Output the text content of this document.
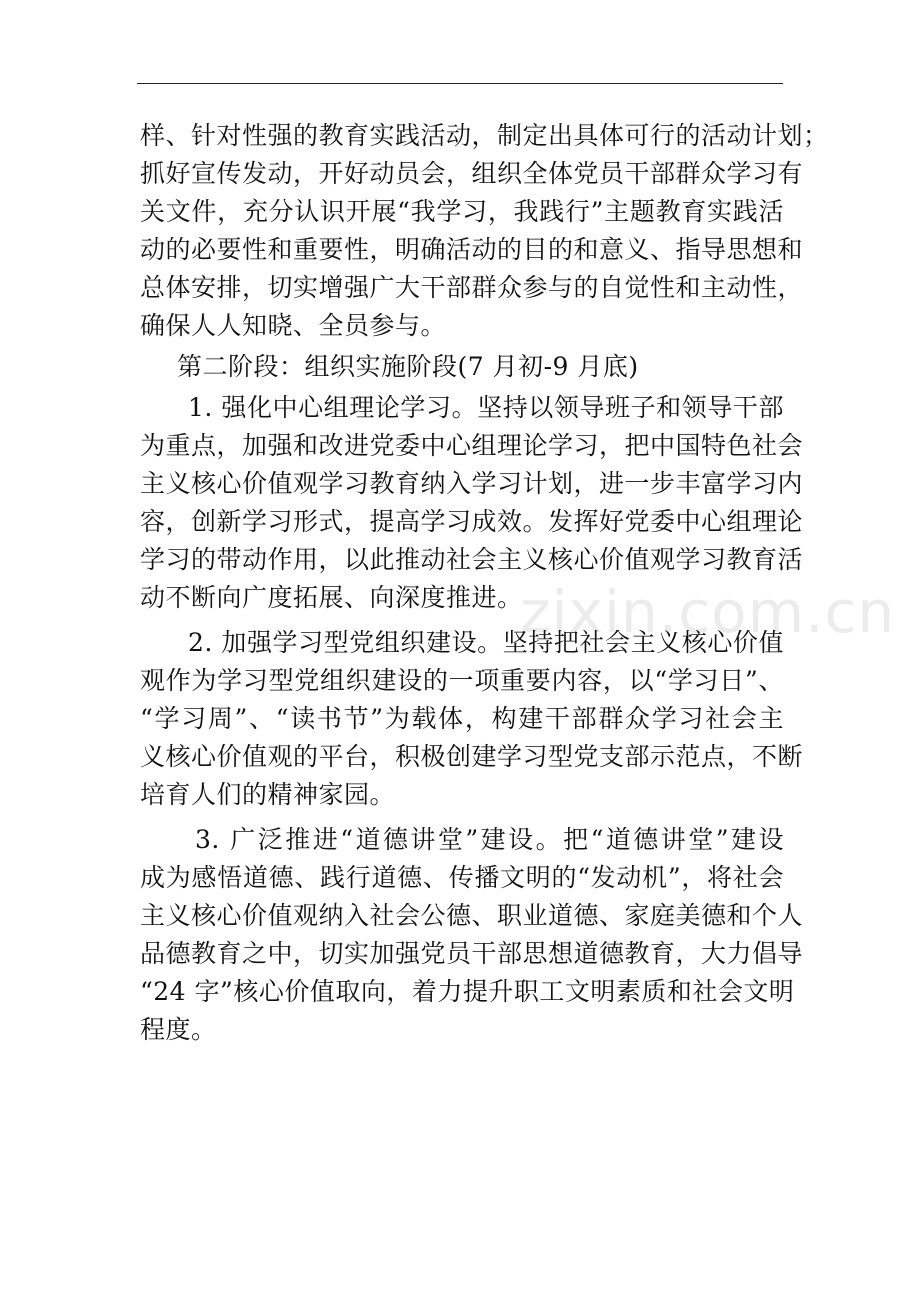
zixin.com.cn
样、针对性强的教育实践活动，制定出具体可行的活动计划；
抓好宣传发动，开好动员会，组织全体党员干部群众学习有
关文件，充分认识开展“我学习，我践行”主题教育实践活
动的必要性和重要性，明确活动的目的和意义、指导思想和
总体安排，切实增强广大干部群众参与的自觉性和主动性，
确保人人知晓、全员参与。
第二阶段：组织实施阶段(7 月初-9 月底)
1. 强化中心组理论学习。坚持以领导班子和领导干部
为重点，加强和改进党委中心组理论学习，把中国特色社会
主义核心价值观学习教育纳入学习计划，进一步丰富学习内
容，创新学习形式，提高学习成效。发挥好党委中心组理论
学习的带动作用，以此推动社会主义核心价值观学习教育活
动不断向广度拓展、向深度推进。
2. 加强学习型党组织建设。坚持把社会主义核心价值
观作为学习型党组织建设的一项重要内容，以“学习日”、
“学习周”、“读书节”为载体，构建干部群众学习社会主
义核心价值观的平台，积极创建学习型党支部示范点，不断
培育人们的精神家园。
3. 广泛推进“道德讲堂”建设。把“道德讲堂”建设
成为感悟道德、践行道德、传播文明的“发动机”，将社会
主义核心价值观纳入社会公德、职业道德、家庭美德和个人
品德教育之中，切实加强党员干部思想道德教育，大力倡导
“24 字”核心价值取向，着力提升职工文明素质和社会文明
程度。
